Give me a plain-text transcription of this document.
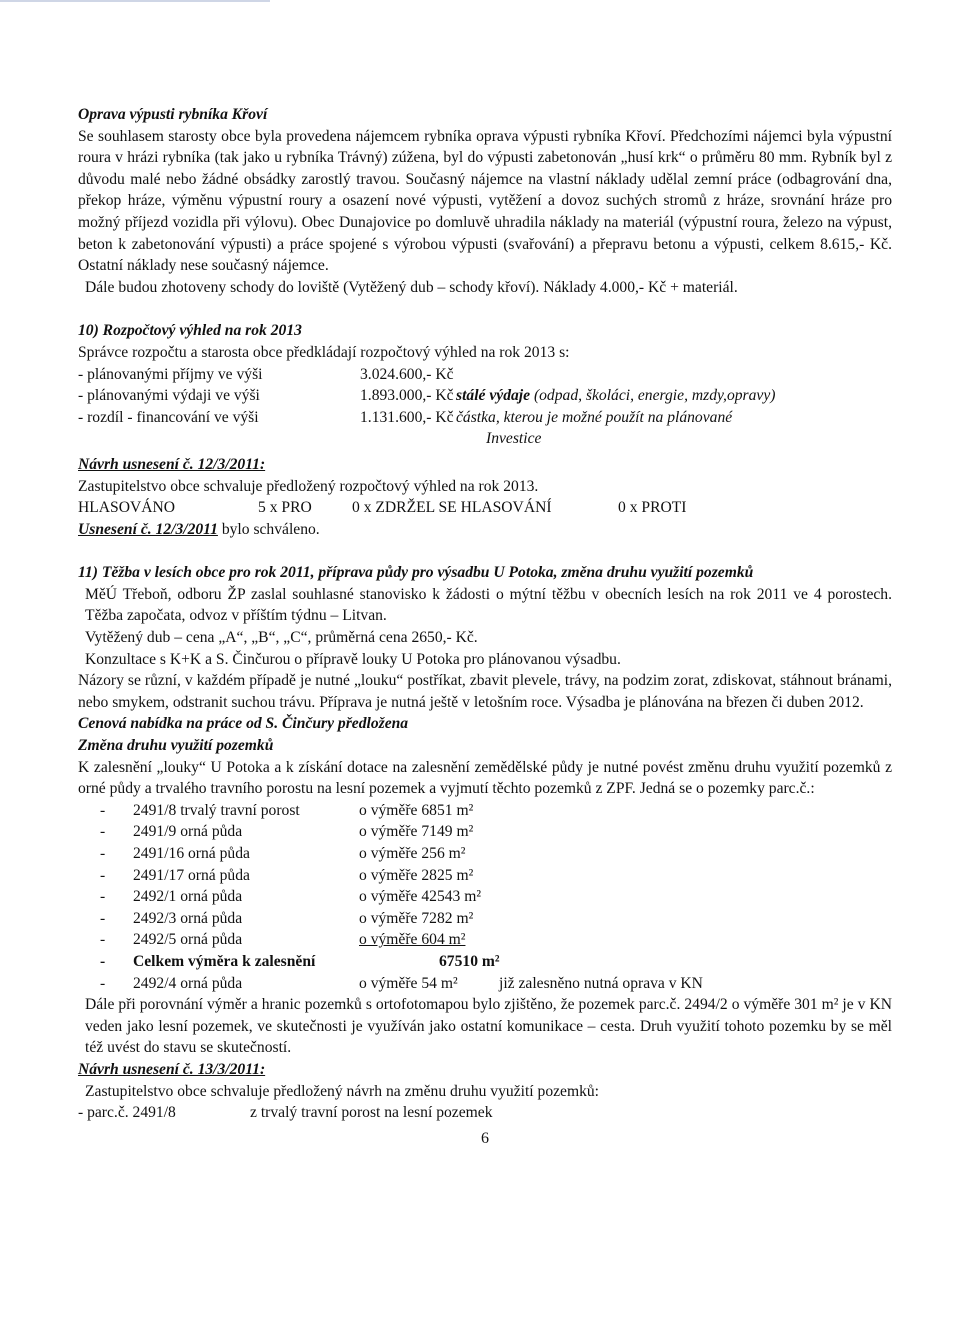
Oprava výpusti rybníka Křoví

Se souhlasem starosty obce byla provedena nájemcem rybníka oprava výpusti rybníka Křoví. Předchozími nájemci byla výpustní roura v hrázi rybníka (tak jako u rybníka Trávný) zúžena, byl do výpusti zabetonován „husí krk“ o průměru 80 mm. Rybník byl z důvodu malé nebo žádné obsádky zarostlý travou. Současný nájemce na vlastní náklady udělal zemní práce (odbagrování dna, překop hráze, výměnu výpustní roury a osazení nové výpusti, vytěžení a dovoz suchých stromů z hráze, srovnání hráze pro možný příjezd vozidla při výlovu). Obec Dunajovice po domluvě uhradila náklady na materiál (výpustní roura, železo na výpust, beton k zabetonování výpusti) a práce spojené s výrobou výpusti (svařování) a přepravu betonu a výpusti, celkem 8.615,- Kč. Ostatní náklady nese současný nájemce.

Dále budou zhotoveny schody do loviště (Vytěžený dub – schody křoví). Náklady 4.000,- Kč + materiál.

10) Rozpočtový výhled na rok 2013

Správce rozpočtu a starosta obce předkládají rozpočtový výhled na rok 2013 s:

- plánovanými příjmy ve výši	3.024.600,- Kč
- plánovanými výdaji ve výši	1.893.000,- Kč stálé výdaje (odpad, školáci, energie, mzdy,opravy)
- rozdíl - financování ve výši	1.131.600,- Kč částka, kterou je možné použít na plánované
Investice

Návrh usnesení č. 12/3/2011:

Zastupitelstvo obce schvaluje předložený rozpočtový výhled na rok 2013.

HLASOVÁNO	5 x PRO	0 x ZDRŽEL SE HLASOVÁNÍ	0 x PROTI

Usnesení č. 12/3/2011 bylo schváleno.

11) Těžba v lesích obce pro rok 2011, příprava půdy pro výsadbu U Potoka, změna druhu využití pozemků

MěÚ Třeboň, odboru ŽP zaslal souhlasné stanovisko k žádosti o mýtní těžbu v obecních lesích na rok 2011 ve 4 porostech. Těžba započata, odvoz v příštím týdnu – Litvan.

Vytěžený dub – cena „A“, „B“, „C“, průměrná cena 2650,- Kč.

Konzultace s K+K a S. Činčurou o přípravě louky U Potoka pro plánovanou výsadbu.

Názory se různí, v každém případě je nutné „louku“ postříkat, zbavit plevele, trávy, na podzim zorat, zdiskovat, stáhnout bránami, nebo smykem, odstranit suchou trávu. Příprava je nutná ještě v letošním roce. Výsadba je plánována na březen či duben 2012.

Cenová nabídka na práce od S. Činčury předložena

Změna druhu využití pozemků

K zalesnění „louky“ U Potoka a k získání dotace na zalesnění zemědělské půdy je nutné povést změnu druhu využití pozemků z orné půdy a trvalého travního porostu na lesní pozemek a vyjmutí těchto pozemků z ZPF. Jedná se o pozemky parc.č.:

-	2491/8 trvalý travní porost	o výměře 6851 m²
-	2491/9 orná půda	o výměře 7149 m²
-	2491/16 orná půda	o výměře 256 m²
-	2491/17 orná půda	o výměře 2825 m²
-	2492/1 orná půda	o výměře 42543 m²
-	2492/3 orná půda	o výměře 7282 m²
-	2492/5 orná půda	o výměře 604 m²
-	Celkem výměra k zalesnění	67510 m²
-	2492/4 orná půda	o výměře 54 m²	již zalesněno nutná oprava v KN

Dále při porovnání výměr a hranic pozemků s ortofotomapou bylo zjištěno, že pozemek parc.č. 2494/2 o výměře 301 m² je v KN veden jako lesní pozemek, ve skutečnosti je využíván jako ostatní komunikace – cesta. Druh využití tohoto pozemku by se měl též uvést do stavu se skutečností.

Návrh usnesení č. 13/3/2011:

Zastupitelstvo obce schvaluje předložený návrh na změnu druhu využití pozemků:

- parc.č. 2491/8	z trvalý travní porost na lesní pozemek
6
